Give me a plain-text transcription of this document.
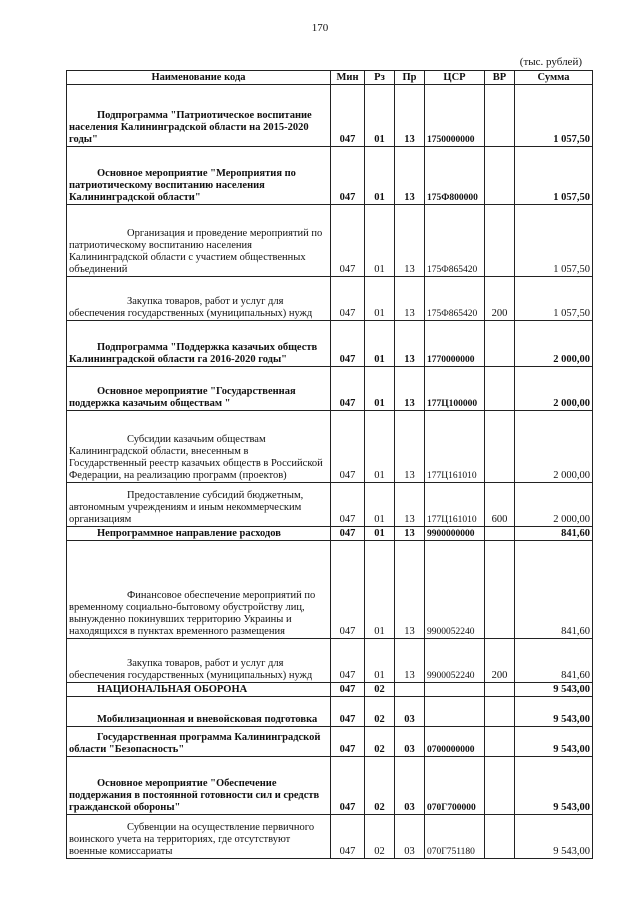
170
(тыс. рублей)
Наименование кода	Мин	Рз	Пр	ЦСР	ВР	Сумма

Подпрограмма "Патриотическое воспитание населения Калининградской области на 2015-2020 годы"	047	01	13	1750000000		1 057,50

Основное мероприятие "Мероприятия по патриотическому воспитанию населения Калининградской области"	047	01	13	175Ф800000		1 057,50

Организация и проведение мероприятий по патриотическому воспитанию населения Калининградской области с участием общественных объединений	047	01	13	175Ф865420		1 057,50

Закупка товаров, работ и услуг для обеспечения государственных (муниципальных) нужд	047	01	13	175Ф865420	200	1 057,50

Подпрограмма "Поддержка казачьих обществ Калининградской области га 2016-2020 годы"	047	01	13	1770000000		2 000,00

Основное мероприятие "Государственная поддержка казачьим обществам "	047	01	13	177Ц100000		2 000,00

Субсидии казачьим обществам Калининградской области, внесенным в Государственный реестр казачьих обществ в Российской Федерации, на реализацию программ (проектов)	047	01	13	177Ц161010		2 000,00

Предоставление субсидий бюджетным, автономным учреждениям и иным некоммерческим организациям	047	01	13	177Ц161010	600	2 000,00

Непрограммное направление расходов	047	01	13	9900000000		841,60

Финансовое обеспечение мероприятий по временному социально-бытовому обустройству лиц, вынужденно покинувших территорию Украины и находящихся в пунктах временного размещения	047	01	13	9900052240		841,60

Закупка товаров, работ и услуг для обеспечения государственных (муниципальных) нужд	047	01	13	9900052240	200	841,60

НАЦИОНАЛЬНАЯ ОБОРОНА	047	02				9 543,00

Мобилизационная и вневойсковая подготовка	047	02	03			9 543,00

Государственная программа Калининградской области "Безопасность"	047	02	03	0700000000		9 543,00

Основное мероприятие "Обеспечение поддержания в постоянной готовности сил и средств гражданской обороны"	047	02	03	070Г700000		9 543,00

Субвенции на осуществление первичного воинского учета на территориях, где отсутствуют военные комиссариаты	047	02	03	070Г751180		9 543,00
